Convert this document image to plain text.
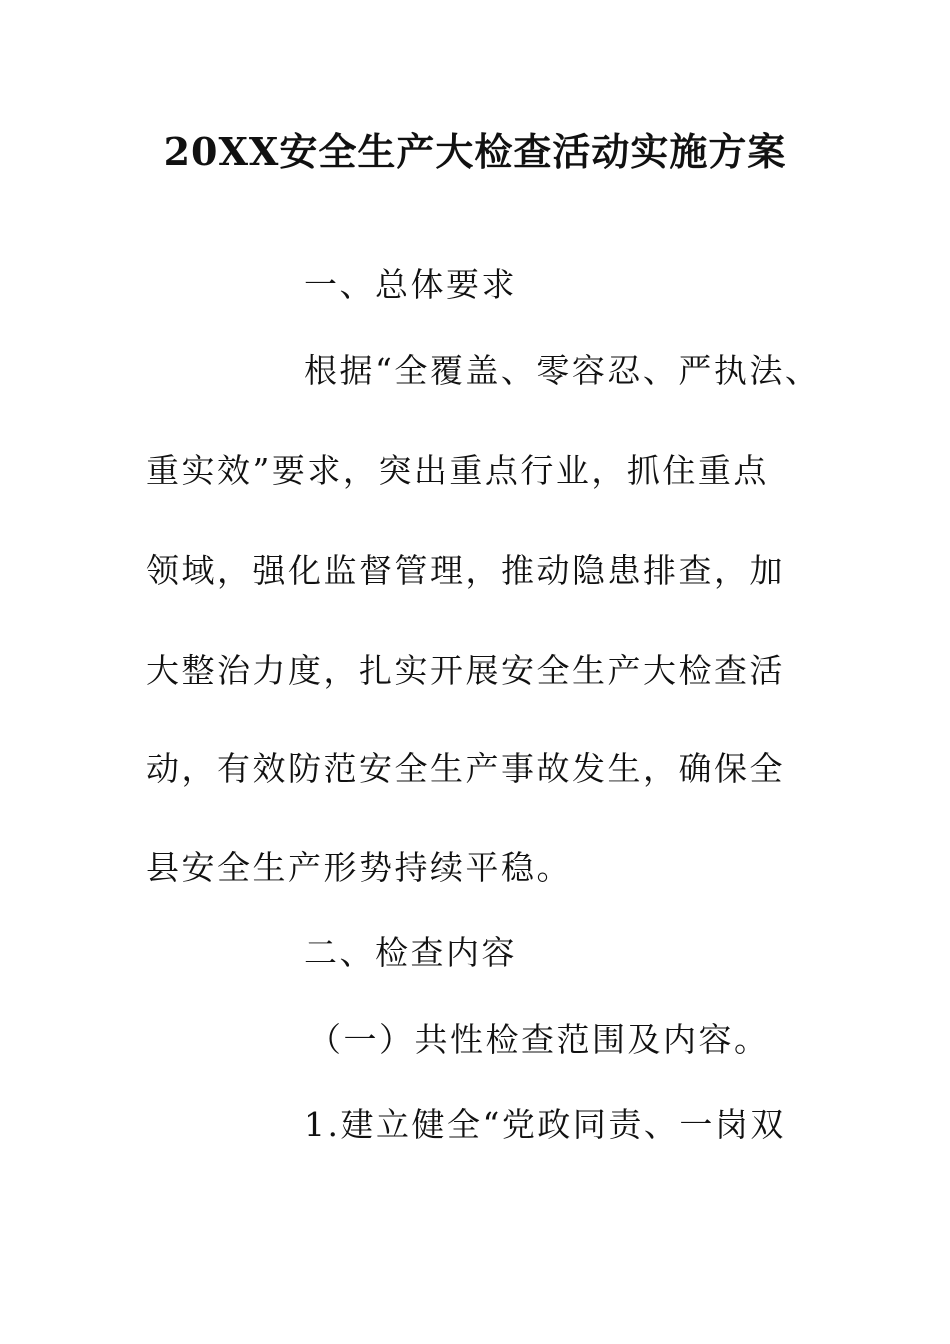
20XX安全生产大检查活动实施方案
一、总体要求
根据“全覆盖、零容忍、严执法、
重实效”要求，突出重点行业，抓住重点
领域，强化监督管理，推动隐患排查，加
大整治力度，扎实开展安全生产大检查活
动，有效防范安全生产事故发生，确保全
县安全生产形势持续平稳。
二、检查内容
（一）共性检查范围及内容。
1.建立健全“党政同责、一岗双
